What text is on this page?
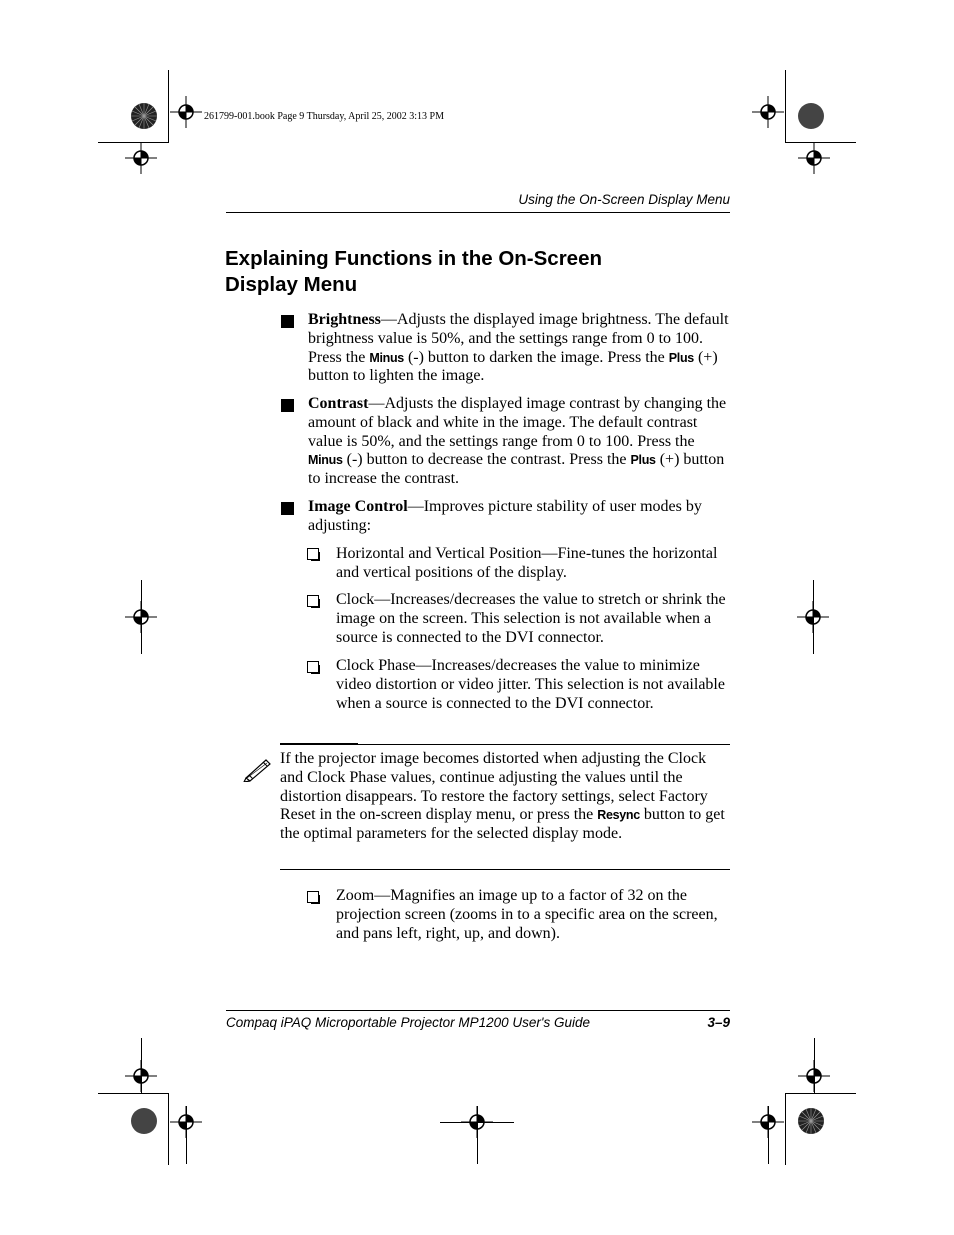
261799-001.book Page 9 Thursday, April 25, 2002 3:13 PM
Using the On-Screen Display Menu
Explaining Functions in the On-Screen
Display Menu
Brightness—Adjusts the displayed image brightness. The default brightness value is 50%, and the settings range from 0 to 100. Press the Minus (-) button to darken the image. Press the Plus (+) button to lighten the image.
Contrast—Adjusts the displayed image contrast by changing the amount of black and white in the image. The default contrast value is 50%, and the settings range from 0 to 100. Press the Minus (-) button to decrease the contrast. Press the Plus (+) button to increase the contrast.
Image Control—Improves picture stability of user modes by adjusting:
Horizontal and Vertical Position—Fine-tunes the horizontal and vertical positions of the display.
Clock—Increases/decreases the value to stretch or shrink the image on the screen. This selection is not available when a source is connected to the DVI connector.
Clock Phase—Increases/decreases the value to minimize video distortion or video jitter. This selection is not available when a source is connected to the DVI connector.
If the projector image becomes distorted when adjusting the Clock and Clock Phase values, continue adjusting the values until the distortion disappears. To restore the factory settings, select Factory Reset in the on-screen display menu, or press the Resync button to get the optimal parameters for the selected display mode.
Zoom—Magnifies an image up to a factor of 32 on the projection screen (zooms in to a specific area on the screen, and pans left, right, up, and down).
Compaq iPAQ Microportable Projector MP1200 User's Guide	3–9
